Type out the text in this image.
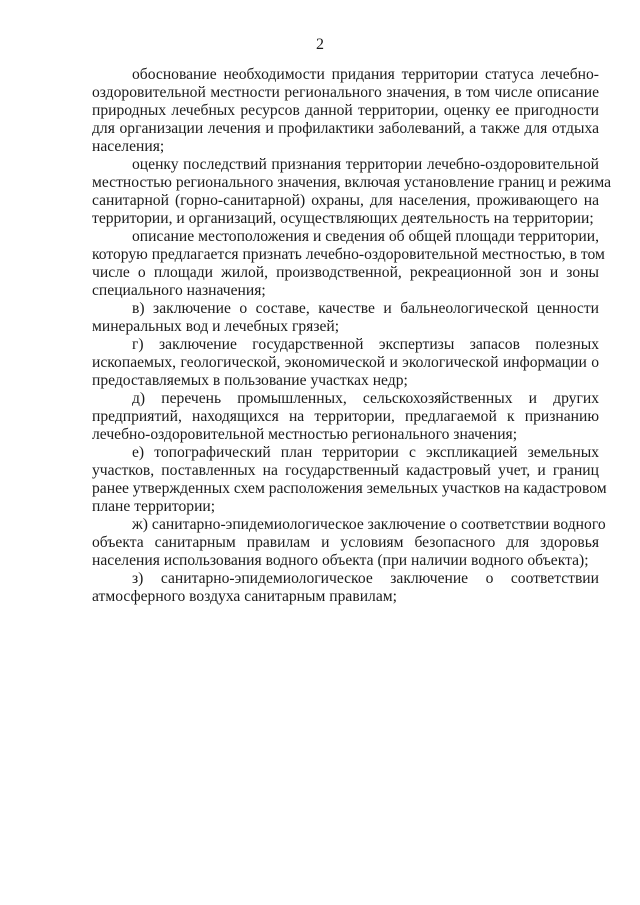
2
обоснование необходимости придания территории статуса лечебно-
оздоровительной местности регионального значения, в том числе описание
природных лечебных ресурсов данной территории, оценку ее пригодности
для организации лечения и профилактики заболеваний, а также для отдыха
населения;
оценку последствий признания территории лечебно-оздоровительной
местностью регионального значения, включая установление границ и режима
санитарной (горно-санитарной) охраны, для населения, проживающего на
территории, и организаций, осуществляющих деятельность на территории;
описание местоположения и сведения об общей площади территории,
которую предлагается признать лечебно-оздоровительной местностью, в том
числе о площади жилой, производственной, рекреационной зон и зоны
специального назначения;
в) заключение о составе, качестве и бальнеологической ценности
минеральных вод и лечебных грязей;
г) заключение государственной экспертизы запасов полезных
ископаемых, геологической, экономической и экологической информации о
предоставляемых в пользование участках недр;
д) перечень промышленных, сельскохозяйственных и других
предприятий, находящихся на территории, предлагаемой к признанию
лечебно-оздоровительной местностью регионального значения;
е) топографический план территории с экспликацией земельных
участков, поставленных на государственный кадастровый учет, и границ
ранее утвержденных схем расположения земельных участков на кадастровом
плане территории;
ж) санитарно-эпидемиологическое заключение о соответствии водного
объекта санитарным правилам и условиям безопасного для здоровья
населения использования водного объекта (при наличии водного объекта);
з) санитарно-эпидемиологическое заключение о соответствии
атмосферного воздуха санитарным правилам;
